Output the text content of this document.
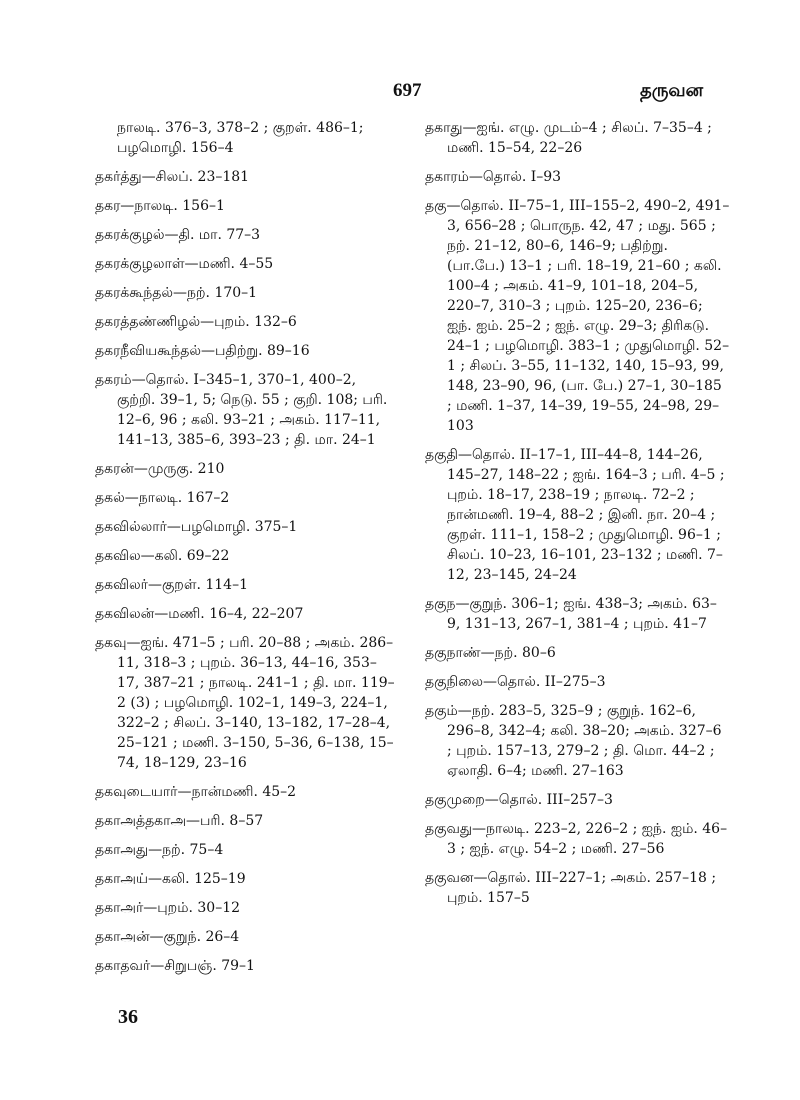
697	தருவன
நாலடி. 376–3, 378–2 ; குறள். 486–1; பழமொழி. 156–4
தகர்த்து—சிலப். 23–181
தகர—நாலடி. 156–1
தகரக்குழல்—தி. மா. 77–3
தகரக்குழலாள்—மணி. 4–55
தகரக்கூந்தல்—நற். 170–1
தகரத்தண்ணிழல்—புறம். 132–6
தகரநீவியகூந்தல்—பதிற்று. 89–16
தகரம்—தொல். I–345–1, 370–1, 400–2, குற்றி. 39–1, 5; நெடு. 55 ; குறி. 108; பரி. 12–6, 96 ; கலி. 93–21 ; அகம். 117–11, 141–13, 385–6, 393–23 ; தி. மா. 24–1
தகரன்—முருகு. 210
தகல்—நாலடி. 167–2
தகவில்லார்—பழமொழி. 375–1
தகவில—கலி. 69–22
தகவிலர்—குறள். 114–1
தகவிலன்—மணி. 16–4, 22–207
தகவு—ஐங். 471–5 ; பரி. 20–88 ; அகம். 286–11, 318–3 ; புறம். 36–13, 44–16, 353–17, 387–21 ; நாலடி. 241–1 ; தி. மா. 119–2 (3) ; பழமொழி. 102–1, 149–3, 224–1, 322–2 ; சிலப். 3–140, 13–182, 17–28–4, 25–121 ; மணி. 3–150, 5–36, 6–138, 15–74, 18–129, 23–16
தகவுடையார்—நான்மணி. 45–2
தகாஅத்தகாஅ—பரி. 8–57
தகாஅது—நற். 75–4
தகாஅய்—கலி. 125–19
தகாஅர்—புறம். 30–12
தகாஅன்—குறுந். 26–4
தகாதவர்—சிறுபஞ். 79–1
தகாது—ஐங். எழு. முடம்–4 ; சிலப். 7–35–4 ; மணி. 15–54, 22–26
தகாரம்—தொல். I–93
தகு—தொல். II–75–1, III–155–2, 490–2, 491–3, 656–28 ; பொருந. 42, 47 ; மது. 565 ; நற். 21–12, 80–6, 146–9; பதிற்று. (பா.பே.) 13–1 ; பரி. 18–19, 21–60 ; கலி. 100–4 ; அகம். 41–9, 101–18, 204–5, 220–7, 310–3 ; புறம். 125–20, 236–6; ஐந். ஐம். 25–2 ; ஐந். எழு. 29–3; திரிகடு. 24–1 ; பழமொழி. 383–1 ; முதுமொழி. 52–1 ; சிலப். 3–55, 11–132, 140, 15–93, 99, 148, 23–90, 96, (பா. பே.) 27–1, 30–185 ; மணி. 1–37, 14–39, 19–55, 24–98, 29–103
தகுதி—தொல். II–17–1, III–44–8, 144–26, 145–27, 148–22 ; ஐங். 164–3 ; பரி. 4–5 ; புறம். 18–17, 238–19 ; நாலடி. 72–2 ; நான்மணி. 19–4, 88–2 ; இனி. நா. 20–4 ; குறள். 111–1, 158–2 ; முதுமொழி. 96–1 ; சிலப். 10–23, 16–101, 23–132 ; மணி. 7–12, 23–145, 24–24
தகுந—குறுந். 306–1; ஐங். 438–3; அகம். 63–9, 131–13, 267–1, 381–4 ; புறம். 41–7
தகுநாண்—நற். 80–6
தகுநிலை—தொல். II–275–3
தகும்—நற். 283–5, 325–9 ; குறுந். 162–6, 296–8, 342–4; கலி. 38–20; அகம். 327–6 ; புறம். 157–13, 279–2 ; தி. மொ. 44–2 ; ஏலாதி. 6–4; மணி. 27–163
தகுமுறை—தொல். III–257–3
தகுவது—நாலடி. 223–2, 226–2 ; ஐந். ஐம். 46–3 ; ஐந். எழு. 54–2 ; மணி. 27–56
தகுவன—தொல். III–227–1; அகம். 257–18 ; புறம். 157–5
36
